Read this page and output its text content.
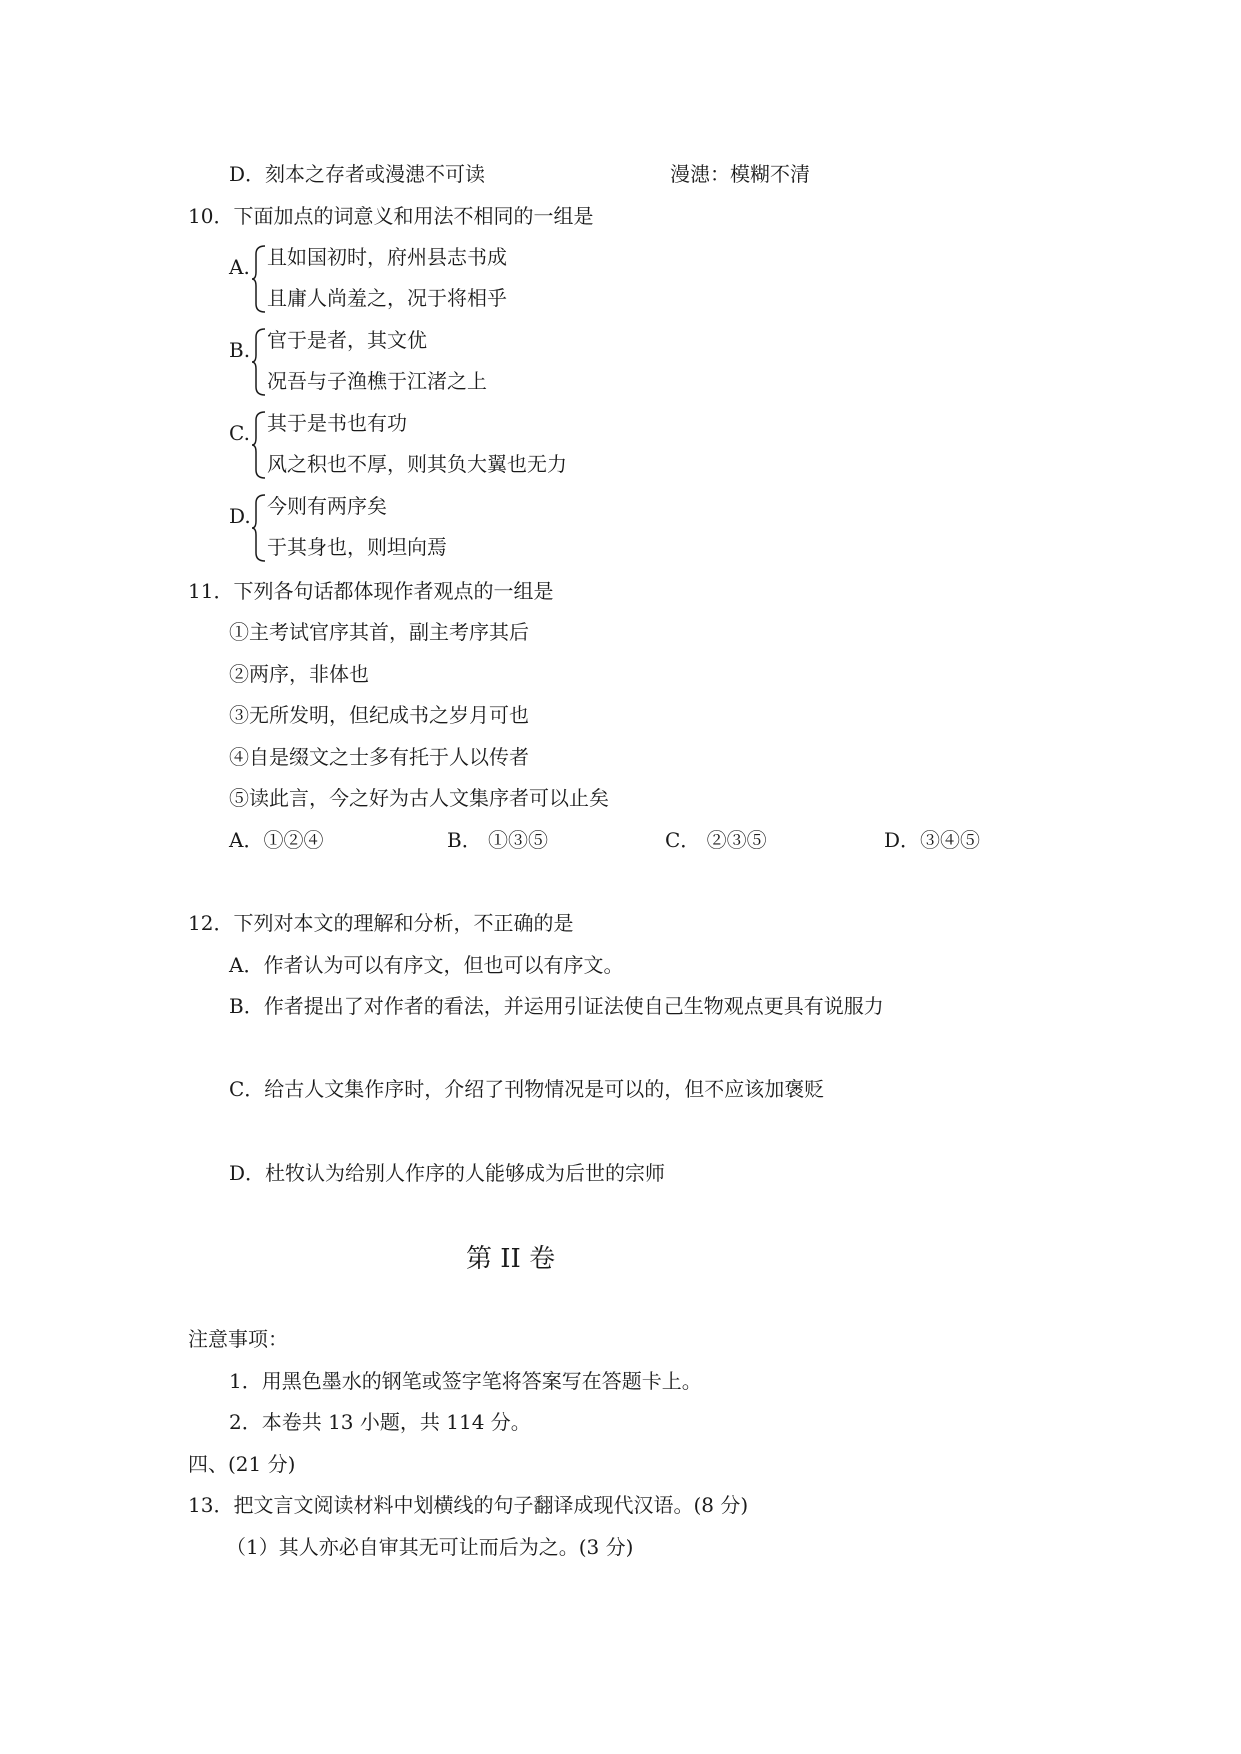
D．刻本之存者或漫漶不可读	漫漶：模糊不清
10．下面加点的词意义和用法不相同的一组是
A. 且如国初时，府州县志书成
且庸人尚羞之，况于将相乎
B. 官于是者，其文优
况吾与子渔樵于江渚之上
C. 其于是书也有功
风之积也不厚，则其负大翼也无力
D. 今则有两序矣
于其身也，则坦向焉
11．下列各句话都体现作者观点的一组是
①主考试官序其首，副主考序其后
②两序，非体也
③无所发明，但纪成书之岁月可也
④自是缀文之士多有托于人以传者
⑤读此言，今之好为古人文集序者可以止矣
A．①②④	B． ①③⑤	C． ②③⑤	D．③④⑤
12．下列对本文的理解和分析，不正确的是
A．作者认为可以有序文，但也可以有序文。
B．作者提出了对作者的看法，并运用引证法使自己生物观点更具有说服力
C．给古人文集作序时，介绍了刊物情况是可以的，但不应该加褒贬
D．杜牧认为给别人作序的人能够成为后世的宗师
第 II 卷
注意事项：
1．用黑色墨水的钢笔或签字笔将答案写在答题卡上。
2．本卷共 13 小题，共 114 分。
四、(21 分)
13．把文言文阅读材料中划横线的句子翻译成现代汉语。(8 分)
（1）其人亦必自审其无可让而后为之。(3 分)
